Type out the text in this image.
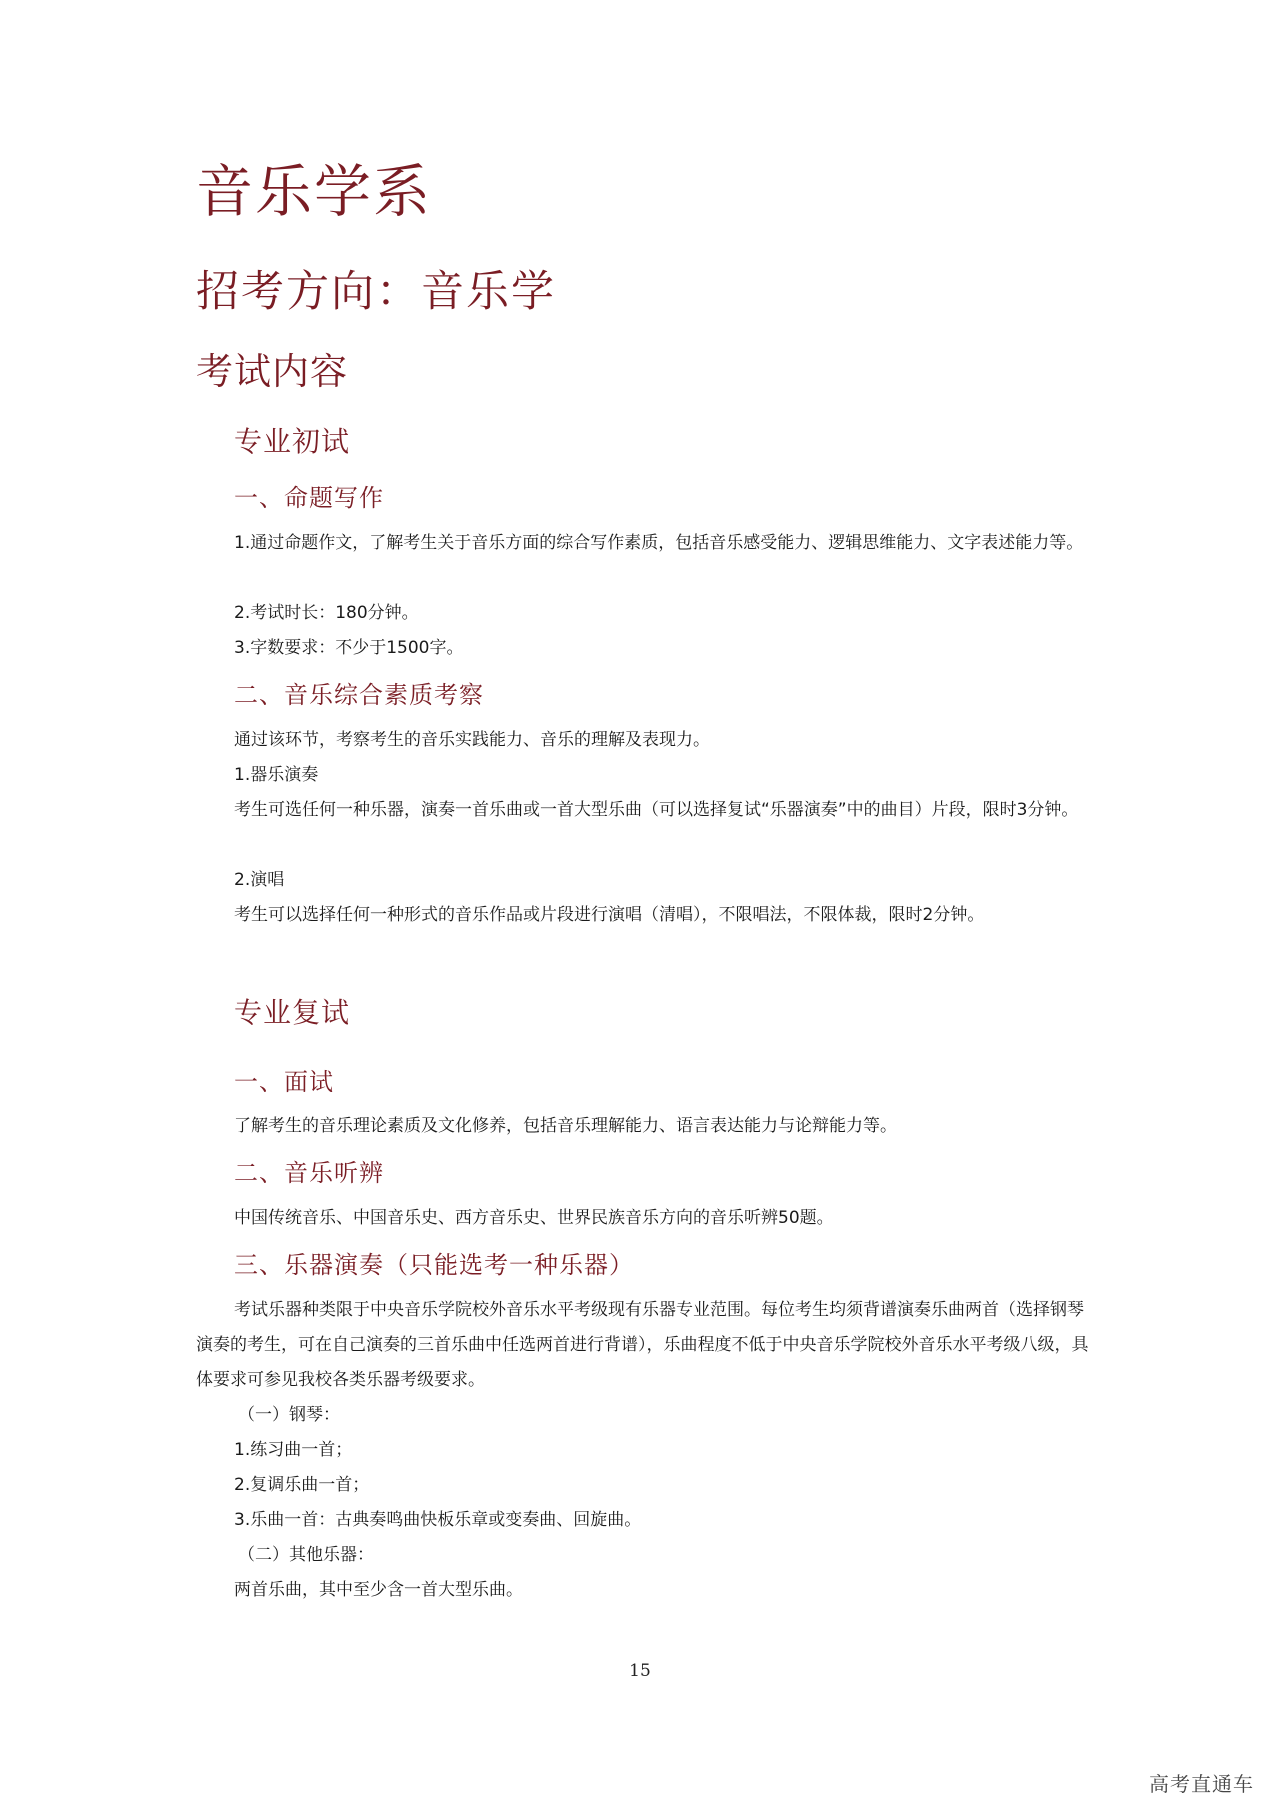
音乐学系
招考方向：音乐学
考试内容
专业初试
一、命题写作
1.通过命题作文，了解考生关于音乐方面的综合写作素质，包括音乐感受能力、逻辑思维能力、文字表述能力等。
2.考试时长：180分钟。
3.字数要求：不少于1500字。
二、音乐综合素质考察
通过该环节，考察考生的音乐实践能力、音乐的理解及表现力。
1.器乐演奏
考生可选任何一种乐器，演奏一首乐曲或一首大型乐曲（可以选择复试“乐器演奏”中的曲目）片段，限时3分钟。
2.演唱
考生可以选择任何一种形式的音乐作品或片段进行演唱（清唱），不限唱法，不限体裁，限时2分钟。
专业复试
一、面试
了解考生的音乐理论素质及文化修养，包括音乐理解能力、语言表达能力与论辩能力等。
二、音乐听辨
中国传统音乐、中国音乐史、西方音乐史、世界民族音乐方向的音乐听辨50题。
三、乐器演奏（只能选考一种乐器）
考试乐器种类限于中央音乐学院校外音乐水平考级现有乐器专业范围。每位考生均须背谱演奏乐曲两首（选择钢琴演奏的考生，可在自己演奏的三首乐曲中任选两首进行背谱），乐曲程度不低于中央音乐学院校外音乐水平考级八级，具体要求可参见我校各类乐器考级要求。
（一）钢琴：
1.练习曲一首；
2.复调乐曲一首；
3.乐曲一首：古典奏鸣曲快板乐章或变奏曲、回旋曲。
（二）其他乐器：
两首乐曲，其中至少含一首大型乐曲。
15
高考直通车
